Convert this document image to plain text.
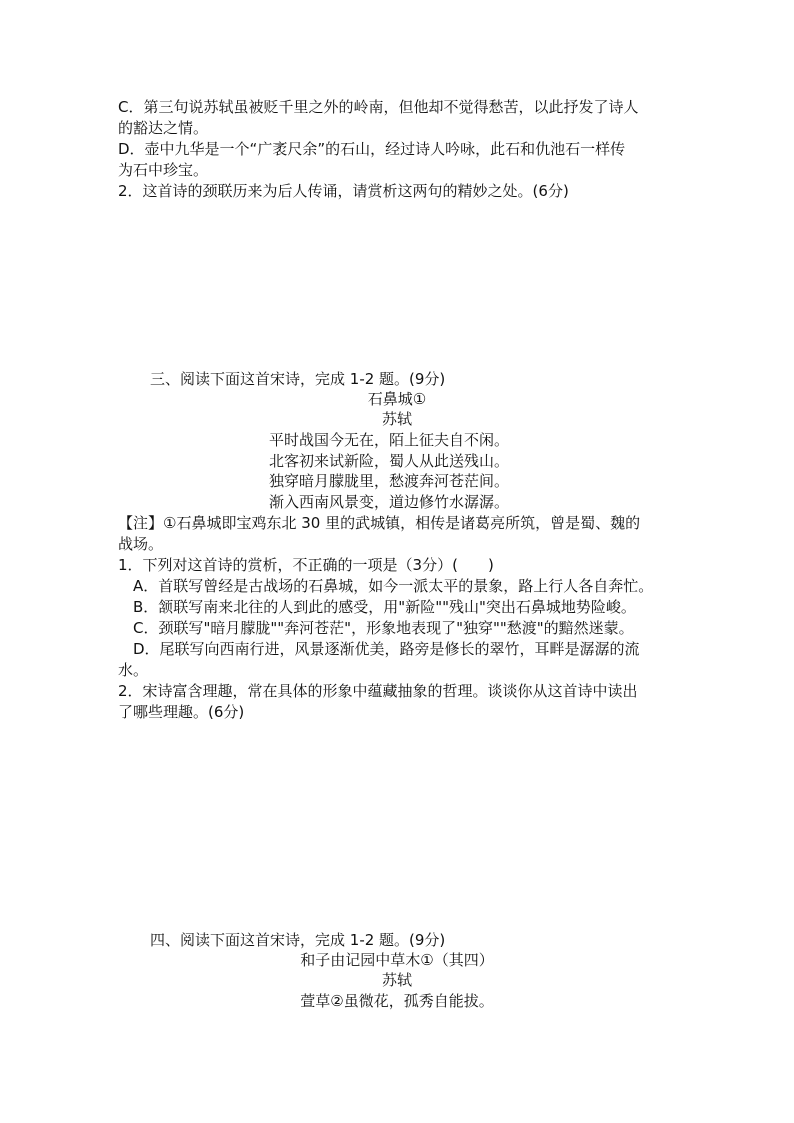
C．第三句说苏轼虽被贬千里之外的岭南，但他却不觉得愁苦，以此抒发了诗人
的豁达之情。
D．壶中九华是一个“广袤尺余”的石山，经过诗人吟咏，此石和仇池石一样传
为石中珍宝。
2．这首诗的颈联历来为后人传诵，请赏析这两句的精妙之处。(6分)
三、阅读下面这首宋诗，完成 1-2 题。(9分)
石鼻城①
苏轼
平时战国今无在，陌上征夫自不闲。
北客初来试新险，蜀人从此送残山。
独穿暗月朦胧里，愁渡奔河苍茫间。
渐入西南风景变，道边修竹水潺潺。
【注】①石鼻城即宝鸡东北 30 里的武城镇，相传是诸葛亮所筑，曾是蜀、魏的
战场。
1．下列对这首诗的赏析，不正确的一项是（3分）(　　)
A．首联写曾经是古战场的石鼻城，如今一派太平的景象，路上行人各自奔忙。
B．颔联写南来北往的人到此的感受，用"新险""残山"突出石鼻城地势险峻。
C．颈联写"暗月朦胧""奔河苍茫"，形象地表现了"独穿""愁渡"的黯然迷蒙。
D．尾联写向西南行进，风景逐渐优美，路旁是修长的翠竹，耳畔是潺潺的流
水。
2．宋诗富含理趣，常在具体的形象中蕴藏抽象的哲理。谈谈你从这首诗中读出
了哪些理趣。(6分)
四、阅读下面这首宋诗，完成 1-2 题。(9分)
和子由记园中草木①（其四）
苏轼
萱草②虽微花，孤秀自能拔。
